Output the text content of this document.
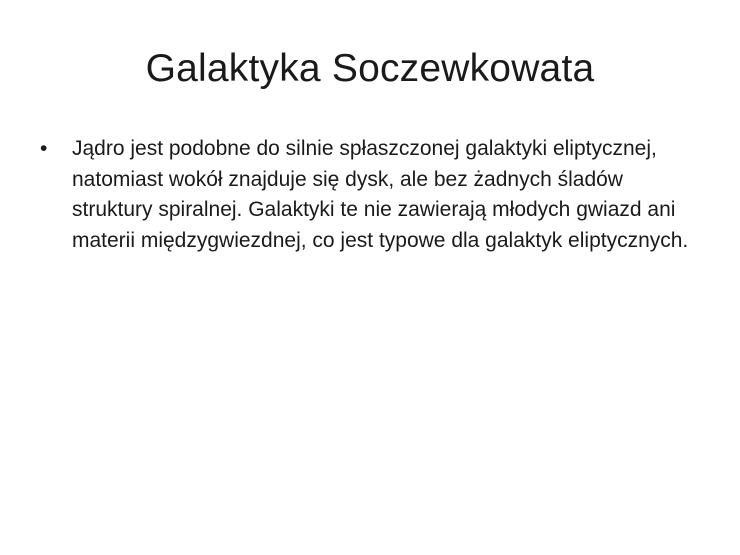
Galaktyka Soczewkowata
•	Jądro jest podobne do silnie spłaszczonej galaktyki eliptycznej, natomiast wokół znajduje się dysk, ale bez żadnych śladów struktury spiralnej. Galaktyki te nie zawierają młodych gwiazd ani materii międzygwiezdnej, co jest typowe dla galaktyk eliptycznych.
